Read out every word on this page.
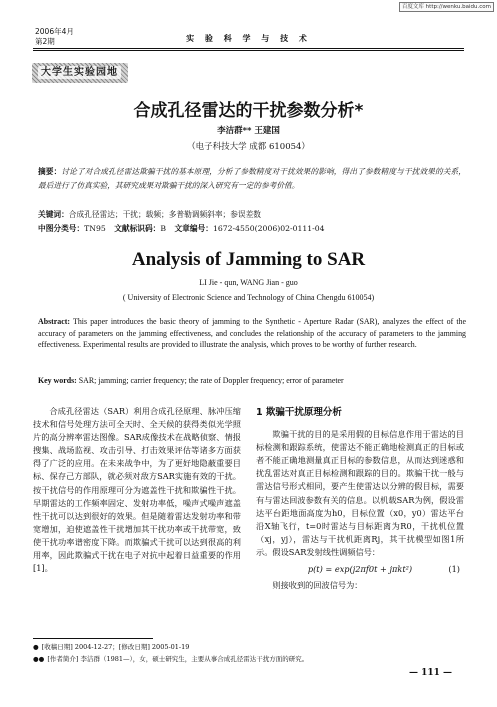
百度文库 http://wenku.baidu.com
2006年4月
第2期	实 验 科 学 与 技 术
大学生实验园地
合成孔径雷达的干扰参数分析*
李洁群** 王建国
（电子科技大学 成都 610054）
摘要：讨论了对合成孔径雷达欺骗干扰的基本原理，分析了参数精度对干扰效果的影响，得出了参数精度与干扰效果的关系，最后进行了仿真实验，其研究成果对欺骗干扰的深入研究有一定的参考价值。
关键词：合成孔径雷达；干扰；载频；多普勒调频斜率；参误差数
中图分类号：TN95 文献标识码：B 文章编号：1672-4550(2006)02-0111-04
Analysis of Jamming to SAR
LI Jie - qun, WANG Jian - guo
( University of Electronic Science and Technology of China Chengdu 610054)
Abstract: This paper introduces the basic theory of jamming to the Synthetic - Aperture Radar (SAR), analyzes the effect of the accuracy of parameters on the jamming effectiveness, and concludes the relationship of the accuracy of parameters to the jamming effectiveness. Experimental results are provided to illustrate the analysis, which proves to be worthy of further research.
Key words: SAR; jamming; carrier frequency; the rate of Doppler frequency; error of parameter
合成孔径雷达（SAR）利用合成孔径原理、脉冲压缩技术和信号处理方法可全天时、全天候的获得类似光学照片的高分辨率雷达图像。SAR成像技术在战略侦察、情报搜集、战场监视、攻击引导、打击效果评估等诸多方面获得了广泛的应用。在未来战争中，为了更好地隐蔽重要目标、保存己方部队，就必须对敌方SAR实施有效的干扰。按干扰信号的作用原理可分为遮盖性干扰和欺骗性干扰。早期雷达的工作频率固定、发射功率低，噪声式噪声遮盖性干扰可以达到很好的效果。但是随着雷达发射功率和带宽增加，迫使遮盖性干扰增加其干扰功率或干扰带宽，致使干扰功率谱密度下降。而欺骗式干扰可以达到很高的利用率，因此欺骗式干扰在电子对抗中起着日益重要的作用[1]。
1 欺骗干扰原理分析
欺骗干扰的目的是采用假的目标信息作用于雷达的目标检测和跟踪系统，使雷达不能正确地检测真正的目标或者不能正确地测量真正目标的参数信息，从而达到迷惑和扰乱雷达对真正目标检测和跟踪的目的。欺骗干扰一般与雷达信号形式相同，要产生使雷达以分辨的假目标，需要有与雷达回波参数有关的信息。以机载SAR为例，假设雷达平台距地面高度为h0，目标位置（x0，y0）雷达平台沿X轴飞行，t=0时雷达与目标距离为R0，干扰机位置（xj，yj），雷达与干扰机距离Rj，其干扰模型如图1所示。假设SAR发射线性调频信号：
p(t) = exp(j2πf0t + jπkt²)	(1)
则接收到的回波信号为：
● [收稿日期] 2004-12-27；[修改日期] 2005-01-19
●● [作者简介] 李洁群（1981—），女，硕士研究生，主要从事合成孔径雷达干扰方面的研究。
— 111 —
